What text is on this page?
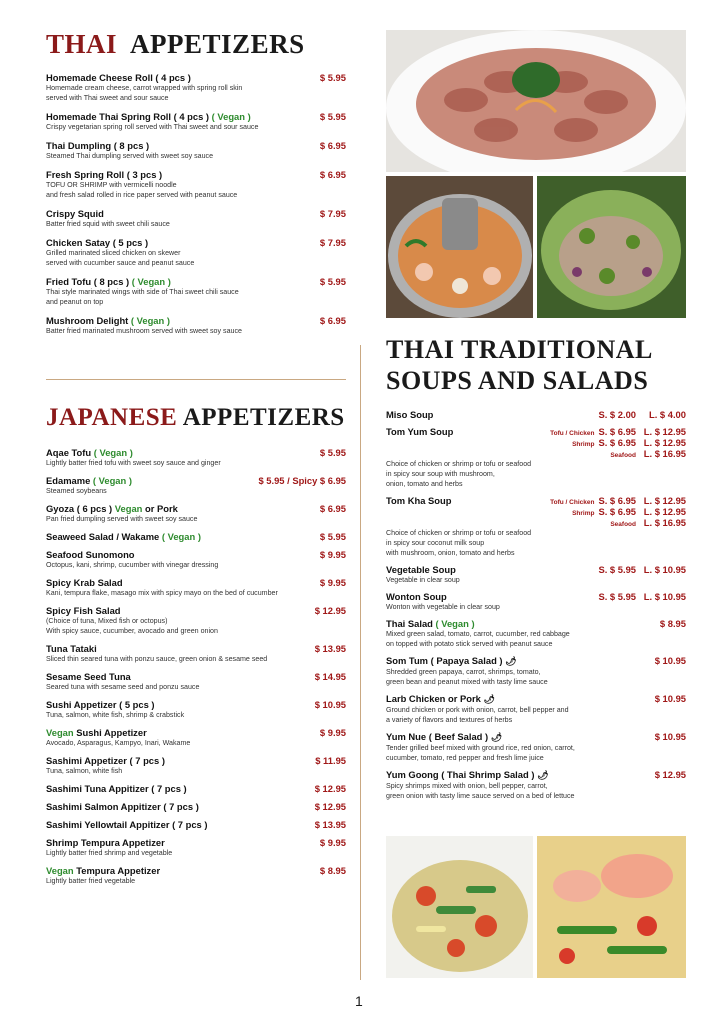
THAI APPETIZERS
Homemade Cheese Roll ( 4 pcs )	$ 5.95
Homemade cream cheese, carrot wrapped with spring roll skin
served with Thai sweet and sour sauce
Homemade Thai Spring Roll ( 4 pcs ) ( Vegan )	$ 5.95
Crispy vegetarian spring roll served with Thai sweet and sour sauce
Thai Dumpling ( 8 pcs )	$ 6.95
Steamed Thai dumpling served with sweet soy sauce
Fresh Spring Roll ( 3 pcs )	$ 6.95
TOFU OR SHRIMP with vermicelli noodle
and fresh salad rolled in rice paper served with peanut sauce
Crispy Squid	$ 7.95
Batter fried squid with sweet chili sauce
Chicken Satay ( 5 pcs )	$ 7.95
Grilled marinated sliced chicken on skewer
served with cucumber sauce and peanut sauce
Fried Tofu ( 8 pcs ) ( Vegan )	$ 5.95
Thai style marinated wings with side of Thai sweet chili sauce
and peanut on top
Mushroom Delight ( Vegan )	$ 6.95
Batter fried marinated mushroom served with sweet soy sauce
JAPANESE APPETIZERS
Aqae Tofu ( Vegan )	$ 5.95
Lightly batter fried tofu with sweet soy sauce and ginger
Edamame ( Vegan )	$ 5.95 / Spicy $ 6.95
Steamed soybeans
Gyoza ( 6 pcs ) Vegan or Pork	$ 6.95
Pan fried dumpling served with sweet soy sauce
Seaweed Salad / Wakame ( Vegan )	$ 5.95
Seafood Sunomono	$ 9.95
Octopus, kani, shrimp, cucumber with vinegar dressing
Spicy Krab Salad	$ 9.95
Kani, tempura flake, masago mix with spicy mayo on the bed of cucumber
Spicy Fish Salad	$ 12.95
(Choice of tuna, Mixed fish or octopus)
With spicy sauce, cucumber, avocado and green onion
Tuna Tataki	$ 13.95
Sliced thin seared tuna with ponzu sauce, green onion & sesame seed
Sesame Seed Tuna	$ 14.95
Seared tuna with sesame seed and ponzu sauce
Sushi Appetizer ( 5 pcs )	$ 10.95
Tuna, salmon, white fish, shrimp & crabstick
Vegan Sushi Appetizer	$ 9.95
Avocado, Asparagus, Kampyo, Inari, Wakame
Sashimi Appetizer ( 7 pcs )	$ 11.95
Tuna, salmon, white fish
Sashimi Tuna Appitizer ( 7 pcs )	$ 12.95
Sashimi Salmon Appitizer ( 7 pcs )	$ 12.95
Sashimi Yellowtail Appitizer ( 7 pcs )	$ 13.95
Shrimp Tempura Appetizer	$ 9.95
Lightly batter fried shrimp and vegetable
Vegan Tempura Appetizer	$ 8.95
Lightly batter fried vegetable
THAI TRADITIONAL
SOUPS AND SALADS
Miso Soup	S. $ 2.00	L. $ 4.00
Tom Yum Soup	Tofu / Chicken S. $ 6.95 L. $ 12.95
Shrimp S. $ 6.95 L. $ 12.95
Seafood L. $ 16.95
Choice of chicken or shrimp or tofu or seafood
in spicy sour soup with mushroom,
onion, tomato and herbs
Tom Kha Soup	Tofu / Chicken S. $ 6.95 L. $ 12.95
Shrimp S. $ 6.95 L. $ 12.95
Seafood L. $ 16.95
Choice of chicken or shrimp or tofu or seafood
in spicy sour coconut milk soup
with mushroom, onion, tomato and herbs
Vegetable Soup	S. $ 5.95 L. $ 10.95
Vegetable in clear soup
Wonton Soup	S. $ 5.95 L. $ 10.95
Wonton with vegetable in clear soup
Thai Salad ( Vegan )	$ 8.95
Mixed green salad, tomato, carrot, cucumber, red cabbage
on topped with potato stick served with peanut sauce
Som Tum ( Papaya Salad ) 🌶	$ 10.95
Shredded green papaya, carrot, shrimps, tomato,
green bean and peanut mixed with tasty lime sauce
Larb Chicken or Pork 🌶	$ 10.95
Ground chicken or pork with onion, carrot, bell pepper and
a variety of flavors and textures of herbs
Yum Nue ( Beef Salad ) 🌶	$ 10.95
Tender grilled beef mixed with ground rice, red onion, carrot,
cucumber, tomato, red pepper and fresh lime juice
Yum Goong ( Thai Shrimp Salad ) 🌶	$ 12.95
Spicy shrimps mixed with onion, bell pepper, carrot,
green onion with tasty lime sauce served on a bed of lettuce
1
